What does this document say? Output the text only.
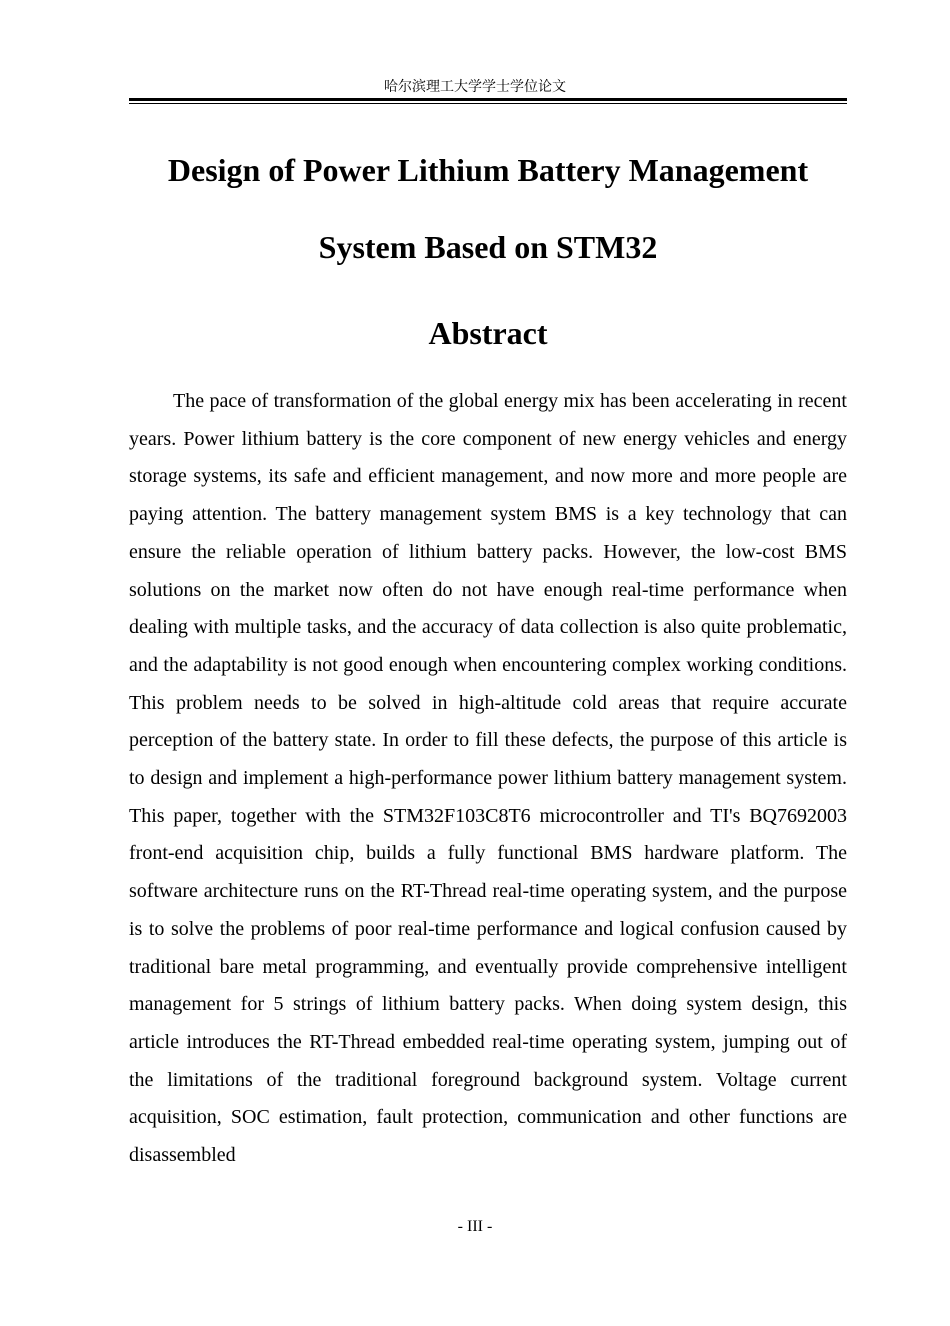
哈尔滨理工大学学士学位论文
Design of Power Lithium Battery Management
System Based on STM32
Abstract

The pace of transformation of the global energy mix has been accelerating in recent years. Power lithium battery is the core component of new energy vehicles and energy storage systems, its safe and efficient management, and now more and more people are paying attention. The battery management system BMS is a key technology that can ensure the reliable operation of lithium battery packs. However, the low-cost BMS solutions on the market now often do not have enough real-time performance when dealing with multiple tasks, and the accuracy of data collection is also quite problematic, and the adaptability is not good enough when encountering complex working conditions. This problem needs to be solved in high-altitude cold areas that require accurate perception of the battery state. In order to fill these defects, the purpose of this article is to design and implement a high-performance power lithium battery management system. This paper, together with the STM32F103C8T6 microcontroller and TI's BQ7692003 front-end acquisition chip, builds a fully functional BMS hardware platform. The software architecture runs on the RT-Thread real-time operating system, and the purpose is to solve the problems of poor real-time performance and logical confusion caused by traditional bare metal programming, and eventually provide comprehensive intelligent management for 5 strings of lithium battery packs. When doing system design, this article introduces the RT-Thread embedded real-time operating system, jumping out of the limitations of the traditional foreground background system. Voltage current acquisition, SOC estimation, fault protection, communication and other functions are disassembled

- III -
